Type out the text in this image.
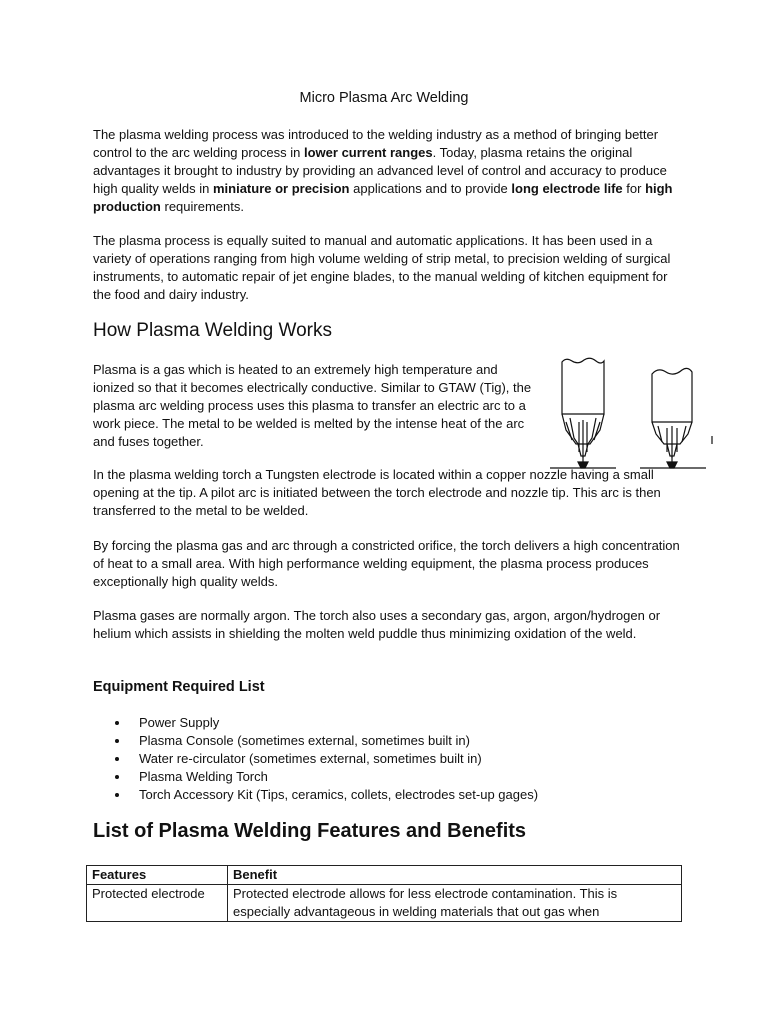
Micro Plasma Arc Welding

The plasma welding process was introduced to the welding industry as a method of bringing better control to the arc welding process in lower current ranges. Today, plasma retains the original advantages it brought to industry by providing an advanced level of control and accuracy to produce high quality welds in miniature or precision applications and to provide long electrode life for high production requirements.

The plasma process is equally suited to manual and automatic applications. It has been used in a variety of operations ranging from high volume welding of strip metal, to precision welding of surgical instruments, to automatic repair of jet engine blades, to the manual welding of kitchen equipment for the food and dairy industry.

How Plasma Welding Works

Plasma is a gas which is heated to an extremely high temperature and ionized so that it becomes electrically conductive. Similar to GTAW (Tig), the plasma arc welding process uses this plasma to transfer an electric arc to a work piece. The metal to be welded is melted by the intense heat of the arc and fuses together.

In the plasma welding torch a Tungsten electrode is located within a copper nozzle having a small opening at the tip. A pilot arc is initiated between the torch electrode and nozzle tip. This arc is then transferred to the metal to be welded.

By forcing the plasma gas and arc through a constricted orifice, the torch delivers a high concentration of heat to a small area. With high performance welding equipment, the plasma process produces exceptionally high quality welds.

Plasma gases are normally argon. The torch also uses a secondary gas, argon, argon/hydrogen or helium which assists in shielding the molten weld puddle thus minimizing oxidation of the weld.

Equipment Required List
Power Supply
Plasma Console (sometimes external, sometimes built in)
Water re-circulator (sometimes external, sometimes built in)
Plasma Welding Torch
Torch Accessory Kit (Tips, ceramics, collets, electrodes set-up gages)
List of Plasma Welding Features and Benefits
Features	Benefit
Protected electrode	Protected electrode allows for less electrode contamination. This is especially advantageous in welding materials that out gas when
